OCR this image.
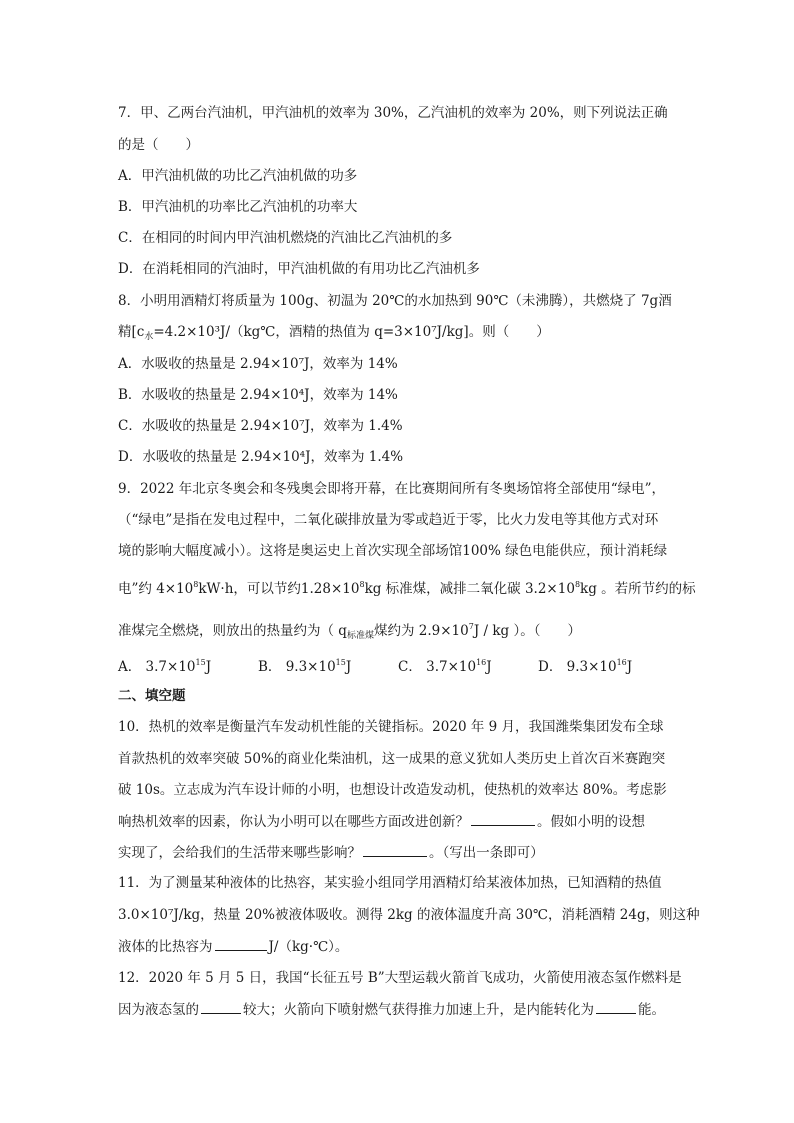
7．甲、乙两台汽油机，甲汽油机的效率为 30%，乙汽油机的效率为 20%，则下列说法正确
的是（　　）
A．甲汽油机做的功比乙汽油机做的功多
B．甲汽油机的功率比乙汽油机的功率大
C．在相同的时间内甲汽油机燃烧的汽油比乙汽油机的多
D．在消耗相同的汽油时，甲汽油机做的有用功比乙汽油机多
8．小明用酒精灯将质量为 100g、初温为 20℃的水加热到 90℃（未沸腾），共燃烧了 7g酒
精[$c_水=4.2\times 10^3J/(kg℃$，酒精的热值为 q=3×10⁷J/kg]。则（　　）
A．水吸收的热量是 2.94×10⁷J，效率为 14%
B．水吸收的热量是 2.94×10⁴J，效率为 14%
C．水吸收的热量是 2.94×10⁷J，效率为 1.4%
D．水吸收的热量是 2.94×10⁴J，效率为 1.4%
9．2022 年北京冬奥会和冬残奥会即将开幕，在比赛期间所有冬奥场馆将全部使用“绿电”，
（“绿电”是指在发电过程中，二氧化碳排放量为零或趋近于零，比火力发电等其他方式对环
境的影响大幅度减小）。这将是奥运史上首次实现全部场馆100% 绿色电能供应，预计消耗绿
电”约 $4\times 10^8kW\cdot h$，可以节约$1.28\times 10^8kg$ 标准煤，减排二氧化碳 $3.2\times 10^8kg$ 。若所节约的标
准煤完全燃烧，则放出的热量约为（ $q_{标准煤}$煤约为 $2.9\times 10^7J$ / kg ）。（　　）
A． $3.7\times 10^{15}J$	B． $9.3\times 10^{15}J$	C． $3.7\times 10^{16}J$	D． $9.3\times 10^{16}J$
二、填空题
10．热机的效率是衡量汽车发动机性能的关键指标。2020 年 9 月，我国潍柴集团发布全球
首款热机的效率突破 50%的商业化柴油机，这一成果的意义犹如人类历史上首次百米赛跑突
破 10s。立志成为汽车设计师的小明，也想设计改造发动机，使热机的效率达 80%。考虑影
响热机效率的因素，你认为小明可以在哪些方面改进创新？	。假如小明的设想
实现了，会给我们的生活带来哪些影响？	。（写出一条即可）
11．为了测量某种液体的比热容，某实验小组同学用酒精灯给某液体加热，已知酒精的热值
3.0×10⁷J/kg，热量 20%被液体吸收。测得 2kg 的液体温度升高 30℃，消耗酒精 24g，则这种
液体的比热容为	J/（kg·℃）。
12．2020 年 5 月 5 日，我国“长征五号 B”大型运载火箭首飞成功，火箭使用液态氢作燃料是
因为液态氢的	较大；火箭向下喷射燃气获得推力加速上升，是内能转化为	能。
